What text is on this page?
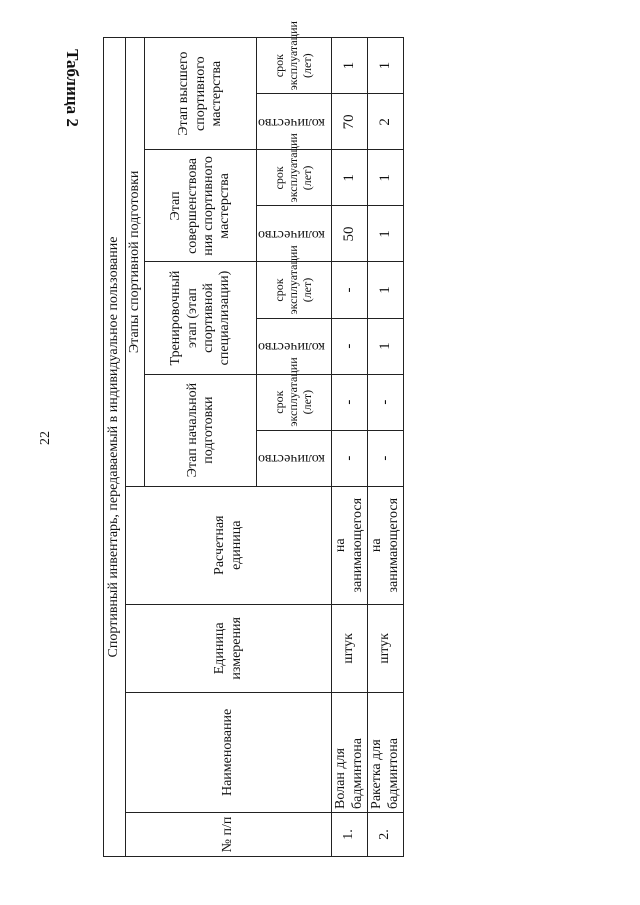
22
Таблица 2
Спортивный инвентарь, передаваемый в индивидуальное пользование											
№ п/п	Наименование	Единица измерения	Расчетная единица	Этапы спортивной подготовки							
				Этап начальной подготовки		Тренировочный этап (этап спортивной специализации)		Этап совершенствова ния спортивного мастерства		Этап высшего спортивного мастерства	
				количество	срок эксплуатации (лет)	количество	срок эксплуатации (лет)	количество	срок эксплуатации (лет)	количество	срок эксплуатации (лет)
1.	Волан для бадминтона	штук	на занимающегося	-	-	-	-	50	1	70	1
2.	Ракетка для бадминтона	штук	на занимающегося	-	-	1	1	1	1	2	1
